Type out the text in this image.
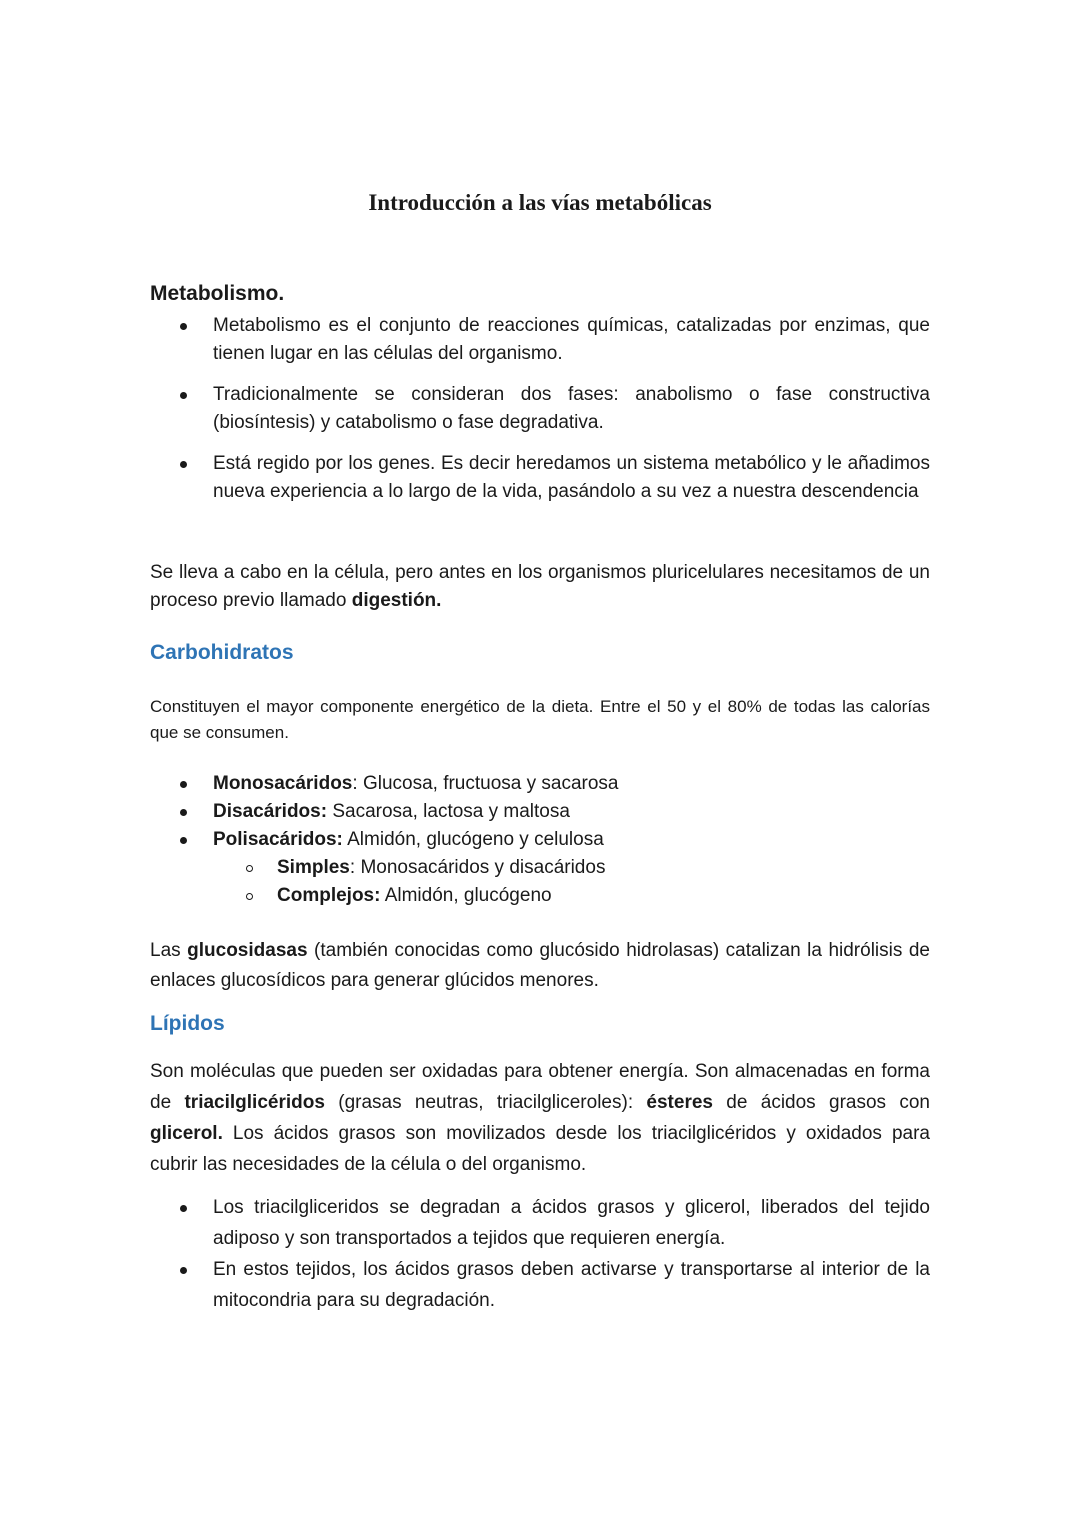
Introducción a las vías metabólicas
Metabolismo.
Metabolismo es el conjunto de reacciones químicas, catalizadas por enzimas, que tienen lugar en las células del organismo.
Tradicionalmente se consideran dos fases: anabolismo o fase constructiva (biosíntesis) y catabolismo o fase degradativa.
Está regido por los genes. Es decir heredamos un sistema metabólico y le añadimos nueva experiencia a lo largo de la vida, pasándolo a su vez a nuestra descendencia

Se lleva a cabo en la célula, pero antes en los organismos pluricelulares necesitamos de un proceso previo llamado digestión.

Carbohidratos

Constituyen el mayor componente energético de la dieta. Entre el 50 y el 80% de todas las calorías que se consumen.

Monosacáridos: Glucosa, fructuosa y sacarosa
Disacáridos: Sacarosa, lactosa y maltosa
Polisacáridos: Almidón, glucógeno y celulosa
Simples: Monosacáridos y disacáridos
Complejos: Almidón, glucógeno

Las glucosidasas (también conocidas como glucósido hidrolasas) catalizan la hidrólisis de enlaces glucosídicos para generar glúcidos menores.

Lípidos

Son moléculas que pueden ser oxidadas para obtener energía. Son almacenadas en forma de triacilglicéridos (grasas neutras, triacilgliceroles): ésteres de ácidos grasos con glicerol. Los ácidos grasos son movilizados desde los triacilglicéridos y oxidados para cubrir las necesidades de la célula o del organismo.

Los triacilgliceridos se degradan a ácidos grasos y glicerol, liberados del tejido adiposo y son transportados a tejidos que requieren energía.
En estos tejidos, los ácidos grasos deben activarse y transportarse al interior de la mitocondria para su degradación.
